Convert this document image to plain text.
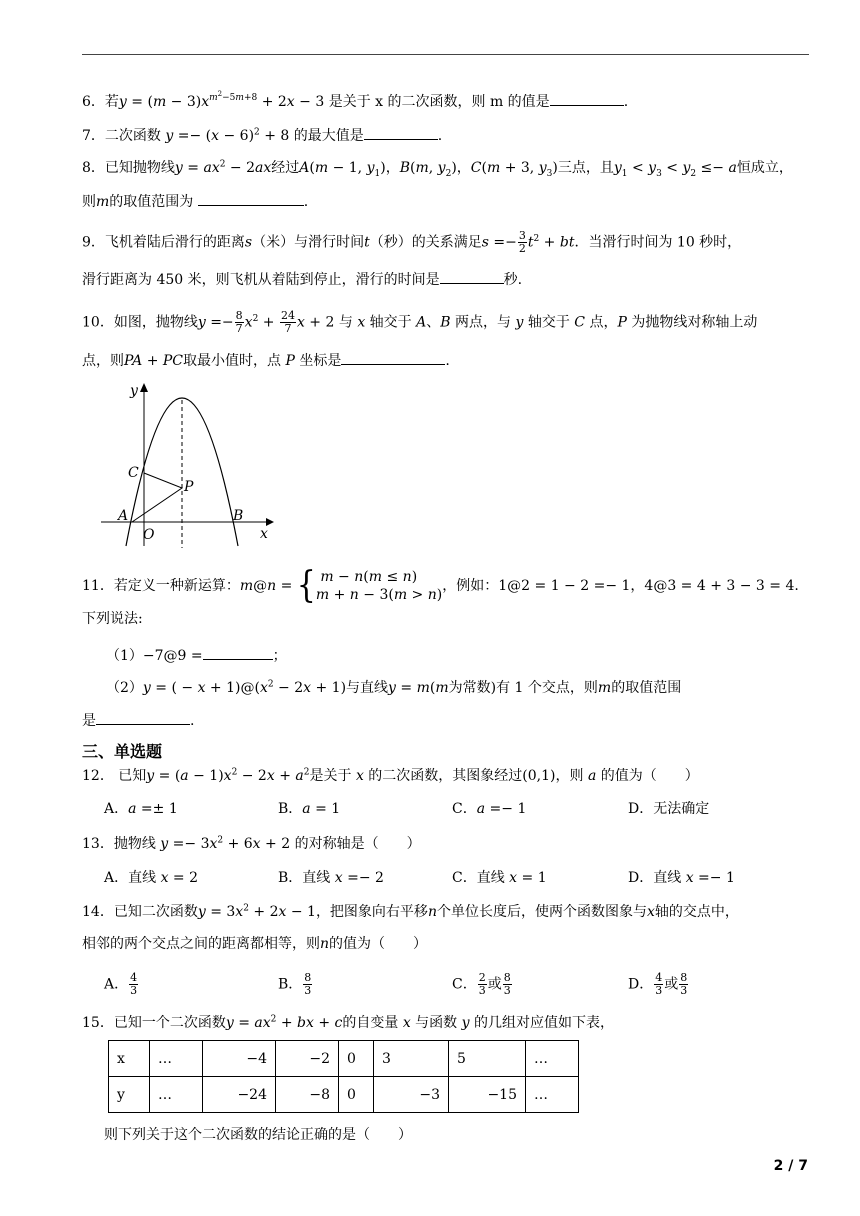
6．若$y = (m - 3)x^{m^2-5m+8} + 2x - 3$ 是关于 x 的二次函数，则 m 的值是	.
7．二次函数 $y =- (x - 6)^2 + 8$ 的最大值是	.
8．已知抛物线$y = ax^2 - 2ax$经过A(m − 1, $y_1$)，B(m, $y_2$)，C(m + 3, $y_3$)三点，且$y_1 < y_3 < y_2 \le- a$恒成立，
则m的取值范围为	.
9．飞机着陆后滑行的距离s（米）与滑行时间t（秒）的关系满足$s =- \frac{3}{2} t^2$ + bt．当滑行时间为 10 秒时，
滑行距离为 450 米，则飞机从着陆到停止，滑行的时间是	秒.
10．如图，抛物线$y =- \frac{8}{7} x^2 + \frac{24}{7}$ x + 2 与 x 轴交于 A、B 两点，与 y 轴交于 C 点，P 为抛物线对称轴上动
点，则PA + PC取最小值时，点 P 坐标是	.
y
x
A	B
C
O
P
11．若定义一种新运算：m@n = { m − n(m ≤ n)
m + n − 3(m > n)
，例如：1@2 = 1 − 2 =− 1，4@3 = 4 + 3 − 3 = 4.
下列说法:
（1）−7@9 =	；
（2）y = ( − $x + 1)@(x^2 - 2x + 1)$与直线y = m(m为常数)有 1 个交点，则m的取值范围
是	.
三、单选题
12． 已知$y = (a - 1)x^2 - 2x + a^2$是关于 x 的二次函数，其图象经过(0,1)，则 a 的值为（　　）
A．a =± 1	B．a = 1	C．a =− 1	D．无法确定
13．抛物线 $y =- 3x^2 + 6x + 2$ 的对称轴是（　　）
A．直线 x = 2	B．直线 x =− 2	C．直线 x = 1	D．直线 x =− 1
14．已知二次函数$y = 3x^2 + 2x - 1$，把图象向右平移n个单位长度后，使两个函数图象与x轴的交点中，
相邻的两个交点之间的距离都相等，则n的值为（　　）
A． $\frac{4}{3}$	B． $\frac{8}{3}$	C． $\frac{2}{3}$ 或 $\frac{8}{3}$	D． $\frac{4}{3}$ 或 $\frac{8}{3}$
15．已知一个二次函数$y = ax^2$ + bx + c的自变量 x 与函数 y 的几组对应值如下表，
x	…	−4	−2	0	3	5	…
y	…	−24	−8	0	−3	−15	…
则下列关于这个二次函数的结论正确的是（　　）
2 / 7
